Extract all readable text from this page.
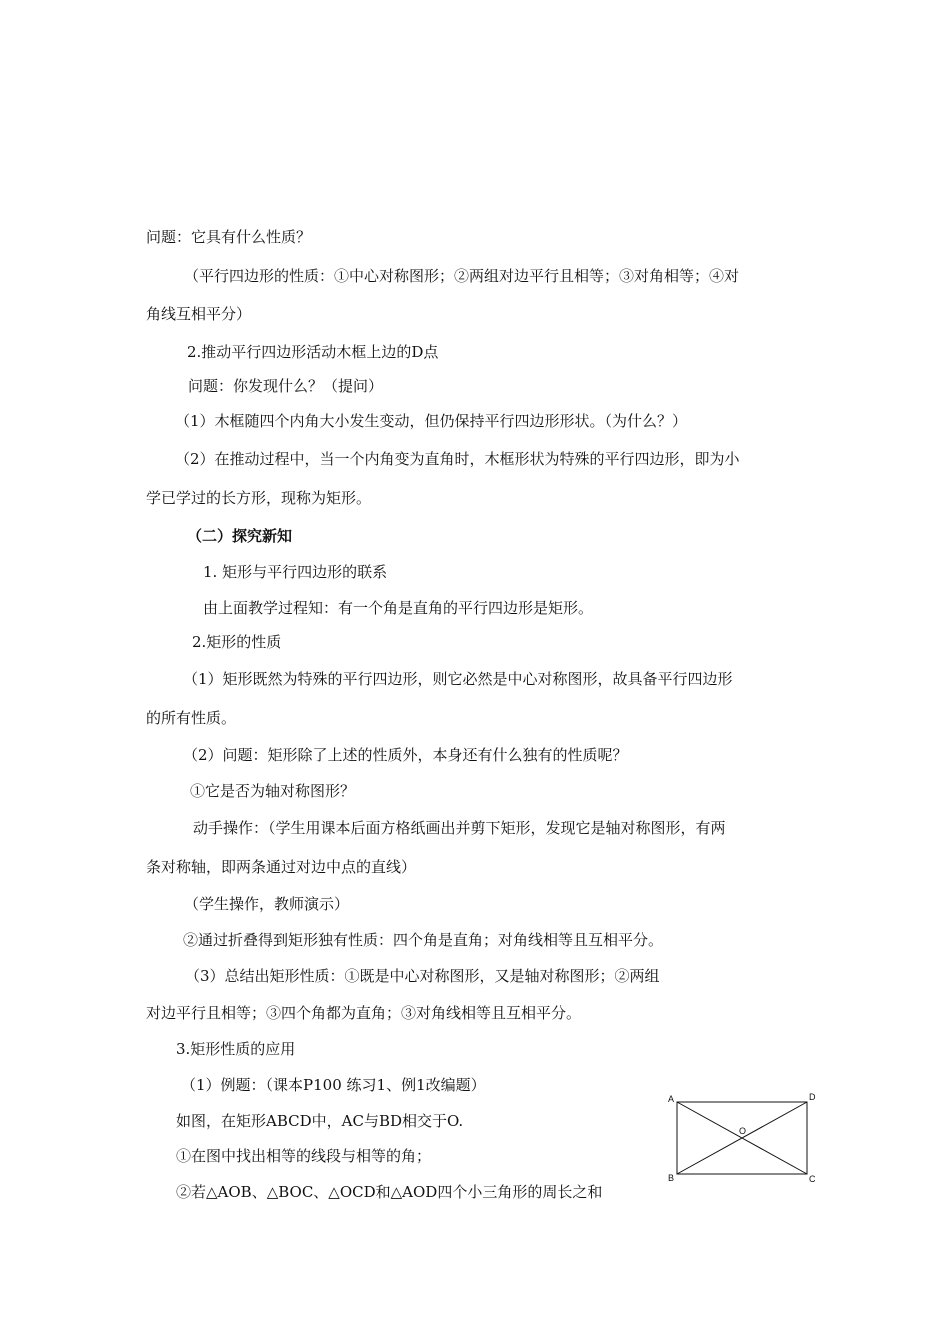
问题：它具有什么性质？
（平行四边形的性质：①中心对称图形；②两组对边平行且相等；③对角相等；④对
角线互相平分）
2.推动平行四边形活动木框上边的D点
问题：你发现什么？（提问）
（1）木框随四个内角大小发生变动，但仍保持平行四边形形状。（为什么？）
（2）在推动过程中，当一个内角变为直角时，木框形状为特殊的平行四边形，即为小
学已学过的长方形，现称为矩形。
（二）探究新知
1. 矩形与平行四边形的联系
由上面教学过程知：有一个角是直角的平行四边形是矩形。
2.矩形的性质
（1）矩形既然为特殊的平行四边形，则它必然是中心对称图形，故具备平行四边形
的所有性质。
（2）问题：矩形除了上述的性质外，本身还有什么独有的性质呢？
①它是否为轴对称图形？
动手操作：（学生用课本后面方格纸画出并剪下矩形，发现它是轴对称图形，有两
条对称轴，即两条通过对边中点的直线）
（学生操作，教师演示）
②通过折叠得到矩形独有性质：四个角是直角；对角线相等且互相平分。
（3）总结出矩形性质：①既是中心对称图形，又是轴对称图形；②两组
对边平行且相等；③四个角都为直角；③对角线相等且互相平分。
3.矩形性质的应用
（1）例题：（课本P100 练习1、例1改编题）
如图，在矩形ABCD中，AC与BD相交于O.
①在图中找出相等的线段与相等的角；
②若△AOB、△BOC、△OCD和△AOD四个小三角形的周长之和
A	D
B	C
O
